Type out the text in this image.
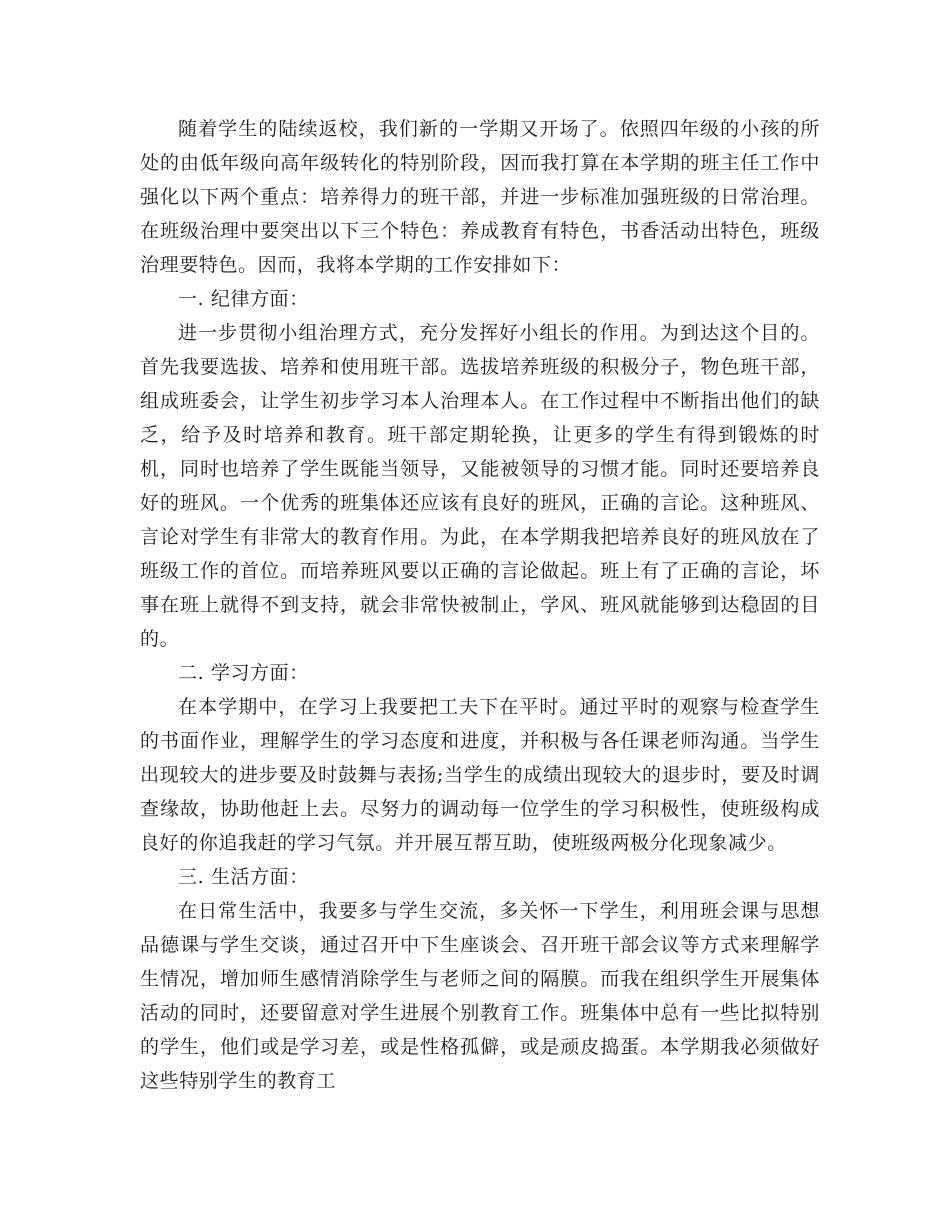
随着学生的陆续返校，我们新的一学期又开场了。依照四年级的小孩的所处的由低年级向高年级转化的特别阶段，因而我打算在本学期的班主任工作中强化以下两个重点：培养得力的班干部，并进一步标准加强班级的日常治理。在班级治理中要突出以下三个特色：养成教育有特色，书香活动出特色，班级治理要特色。因而，我将本学期的工作安排如下：

一. 纪律方面：

进一步贯彻小组治理方式，充分发挥好小组长的作用。为到达这个目的。首先我要选拔、培养和使用班干部。选拔培养班级的积极分子，物色班干部，组成班委会，让学生初步学习本人治理本人。在工作过程中不断指出他们的缺乏，给予及时培养和教育。班干部定期轮换，让更多的学生有得到锻炼的时机，同时也培养了学生既能当领导，又能被领导的习惯才能。同时还要培养良好的班风。一个优秀的班集体还应该有良好的班风，正确的言论。这种班风、言论对学生有非常大的教育作用。为此，在本学期我把培养良好的班风放在了班级工作的首位。而培养班风要以正确的言论做起。班上有了正确的言论，坏事在班上就得不到支持，就会非常快被制止，学风、班风就能够到达稳固的目的。

二. 学习方面：

在本学期中，在学习上我要把工夫下在平时。通过平时的观察与检查学生的书面作业，理解学生的学习态度和进度，并积极与各任课老师沟通。当学生出现较大的进步要及时鼓舞与表扬;当学生的成绩出现较大的退步时，要及时调查缘故，协助他赶上去。尽努力的调动每一位学生的学习积极性，使班级构成良好的你追我赶的学习气氛。并开展互帮互助，使班级两极分化现象减少。

三. 生活方面：

在日常生活中，我要多与学生交流，多关怀一下学生，利用班会课与思想品德课与学生交谈，通过召开中下生座谈会、召开班干部会议等方式来理解学生情况，增加师生感情消除学生与老师之间的隔膜。而我在组织学生开展集体活动的同时，还要留意对学生进展个别教育工作。班集体中总有一些比拟特别的学生，他们或是学习差，或是性格孤僻，或是顽皮捣蛋。本学期我必须做好这些特别学生的教育工
